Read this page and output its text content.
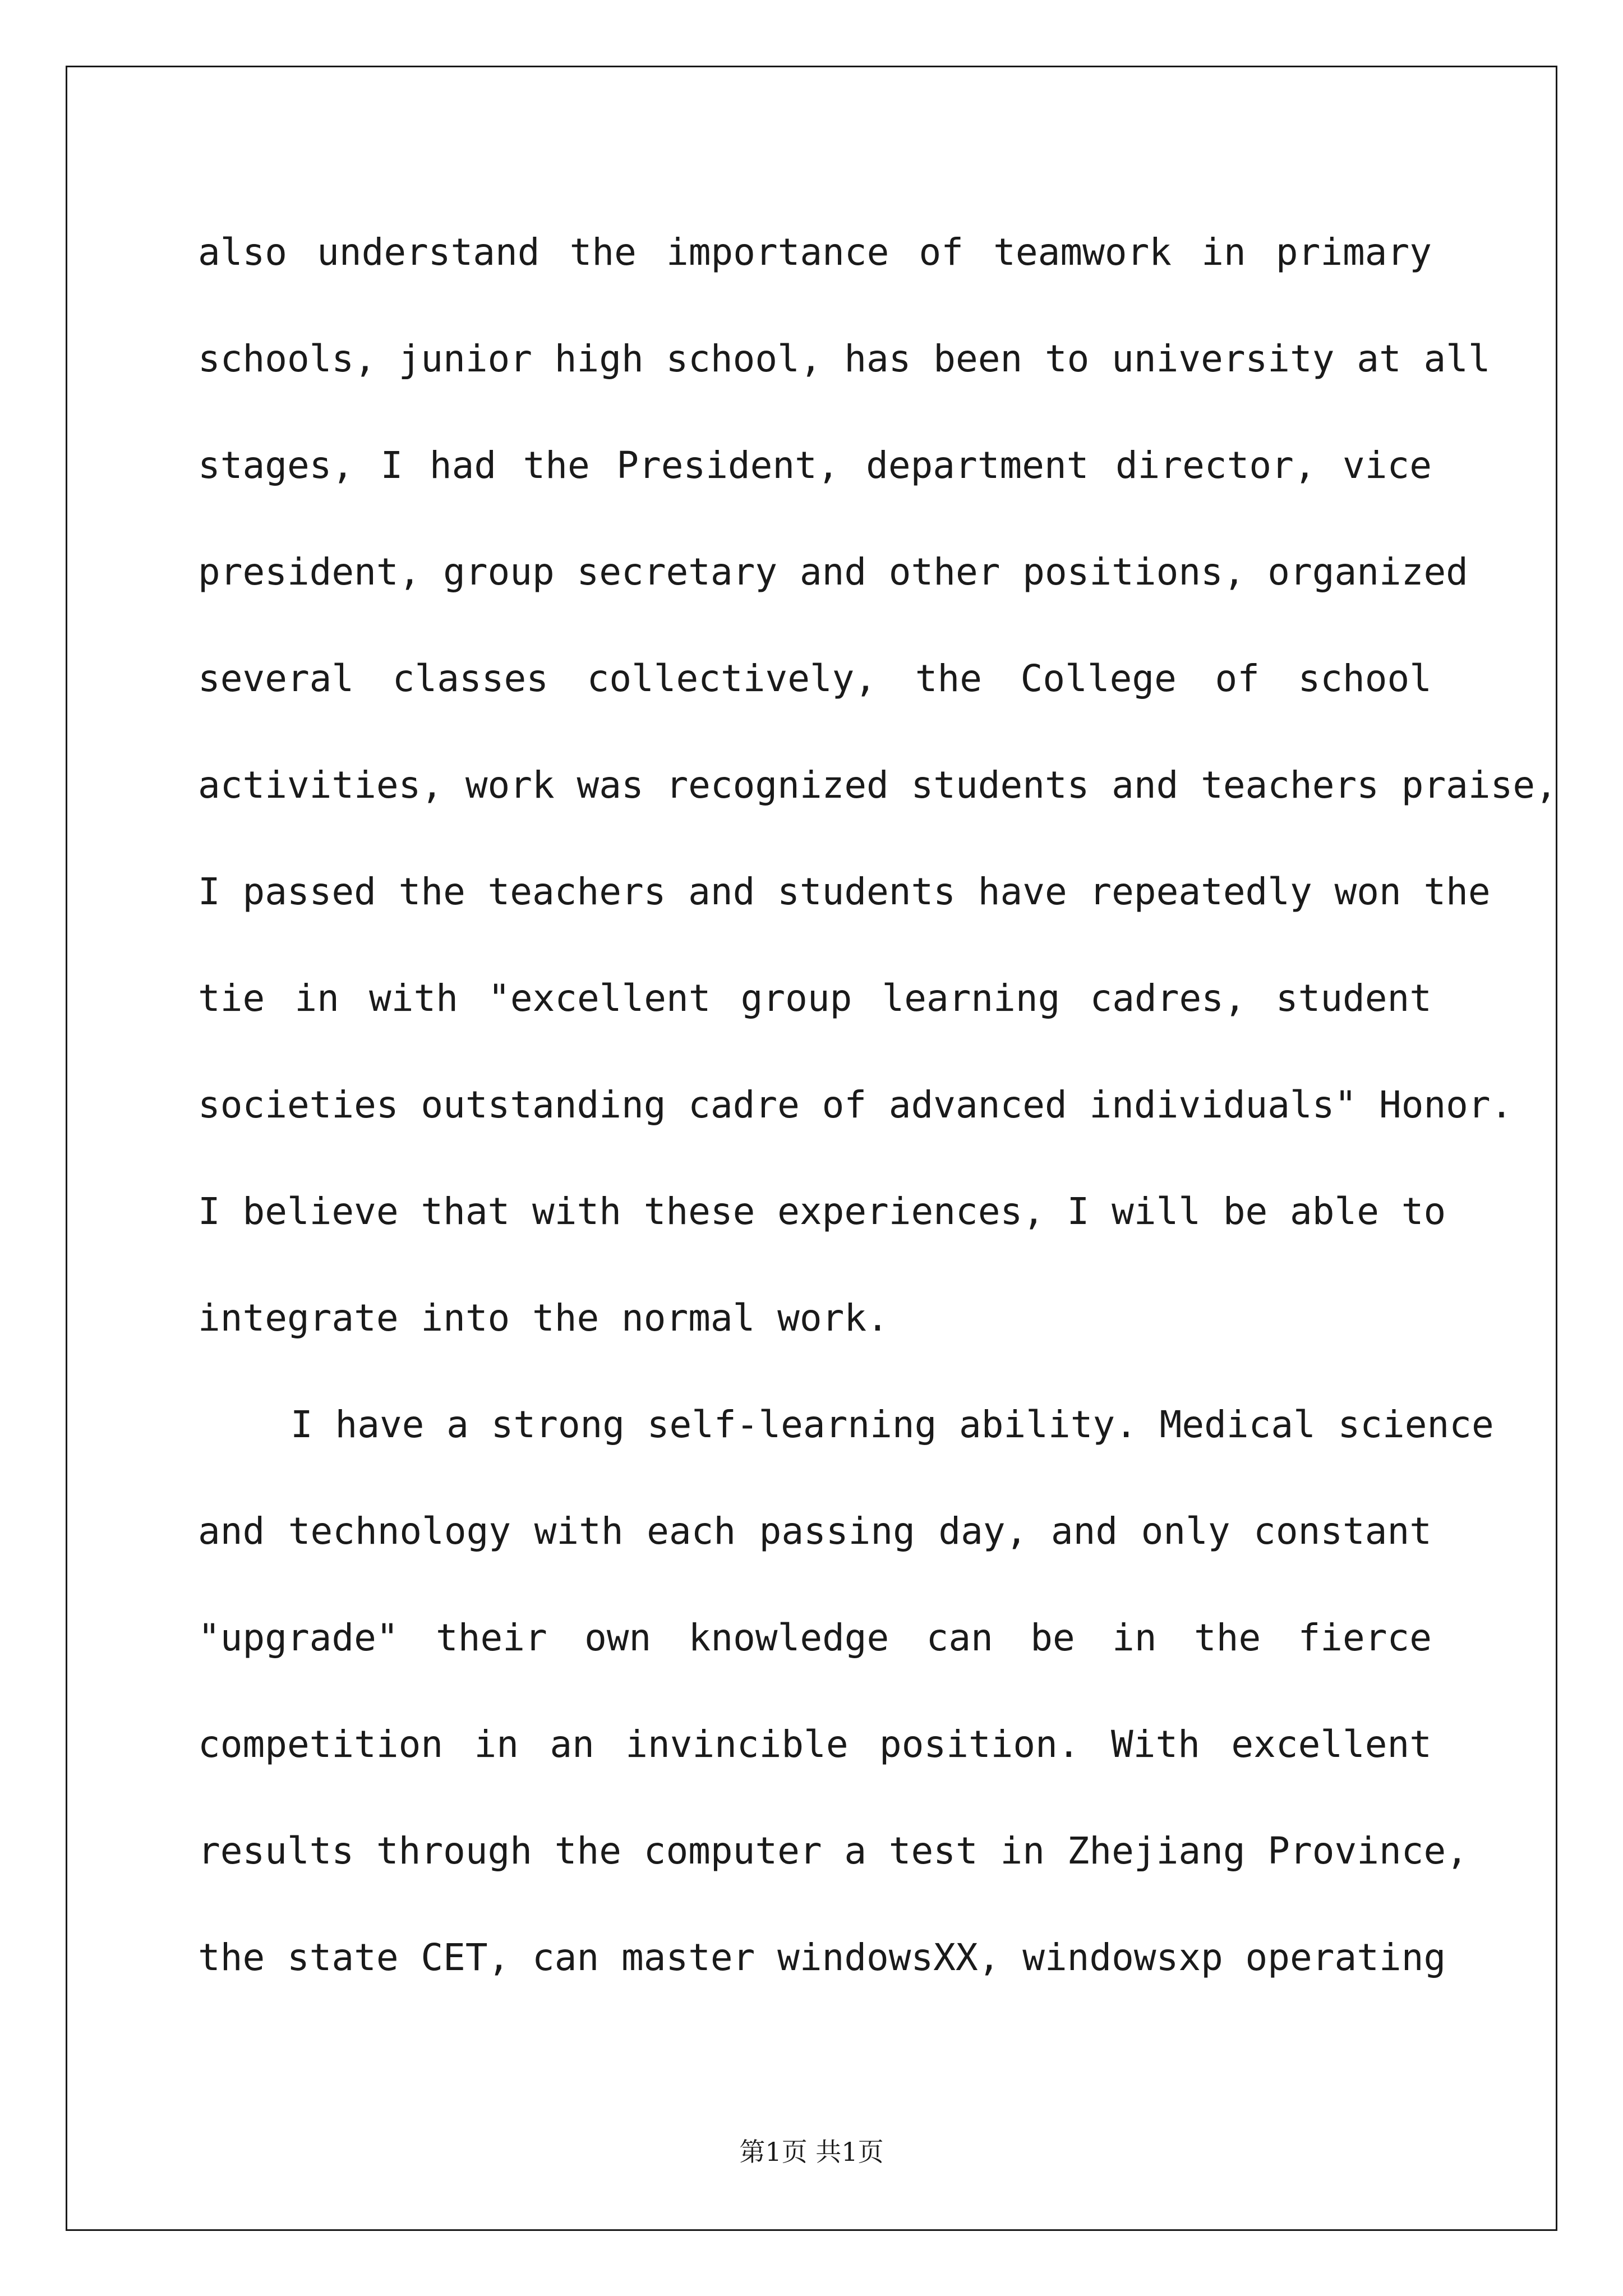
also understand the importance of teamwork in primary
schools, junior high school, has been to university at all
stages, I had the President, department director, vice
president, group secretary and other positions, organized
several classes collectively, the College of school
activities, work was recognized students and teachers praise,
I passed the teachers and students have repeatedly won the
tie in with "excellent group learning cadres, student
societies outstanding cadre of advanced individuals" Honor.
I believe that with these experiences, I will be able to
integrate into the normal work.
I have a strong self-learning ability. Medical science
and technology with each passing day, and only constant
"upgrade" their own knowledge can be in the fierce
competition in an invincible position. With excellent
results through the computer a test in Zhejiang Province,
the state CET, can master windowsXX, windowsxp operating
第1页 共1页
